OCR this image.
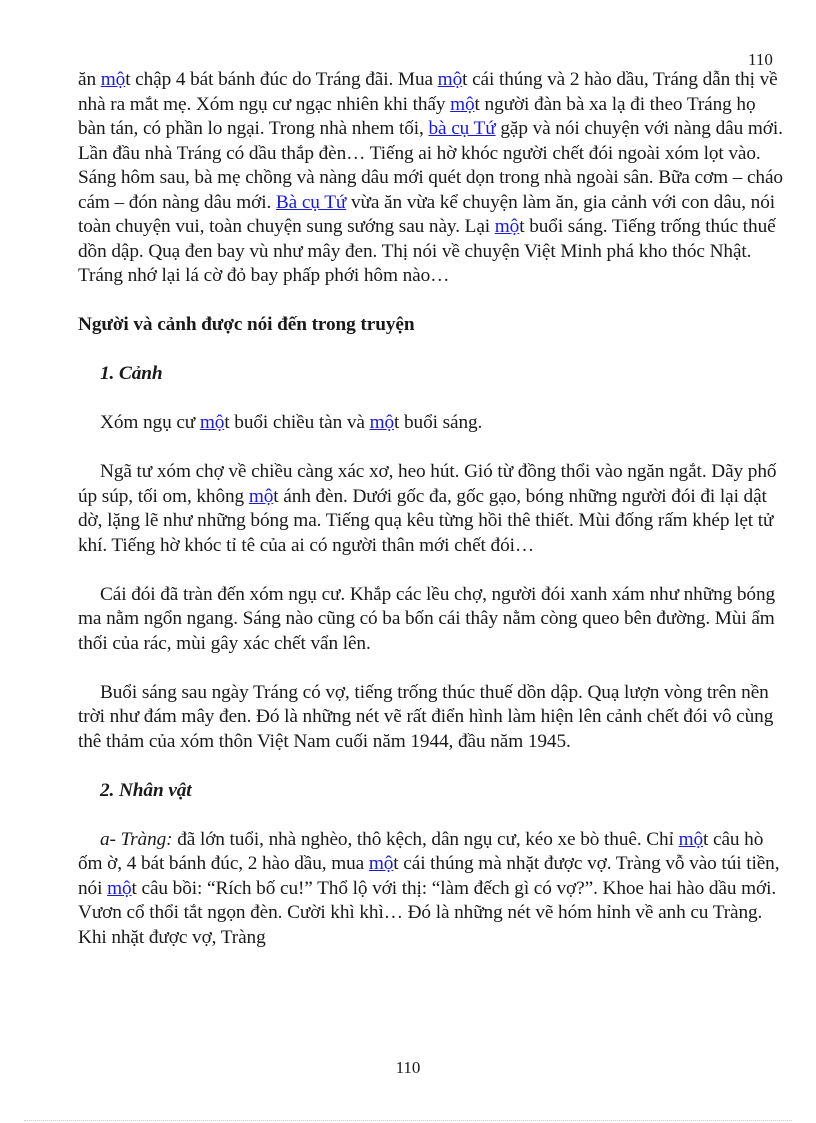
110

ăn một chập 4 bát bánh đúc do Tráng đãi. Mua một cái thúng và 2 hào dầu, Tráng dẫn thị về nhà ra mắt mẹ. Xóm ngụ cư ngạc nhiên khi thấy một người đàn bà xa lạ đi theo Tráng họ bàn tán, có phần lo ngại. Trong nhà nhem tối, bà cụ Tứ gặp và nói chuyện với nàng dâu mới. Lần đầu nhà Tráng có dầu thắp đèn… Tiếng ai hờ khóc người chết đói ngoài xóm lọt vào. Sáng hôm sau, bà mẹ chồng và nàng dâu mới quét dọn trong nhà ngoài sân. Bữa cơm – cháo cám – đón nàng dâu mới. Bà cụ Tứ vừa ăn vừa kể chuyện làm ăn, gia cảnh với con dâu, nói toàn chuyện vui, toàn chuyện sung sướng sau này. Lại một buổi sáng. Tiếng trống thúc thuế dồn dập. Quạ đen bay vù như mây đen. Thị nói về chuyện Việt Minh phá kho thóc Nhật. Tráng nhớ lại lá cờ đỏ bay phấp phới hôm nào…

Người và cảnh được nói đến trong truyện

1. Cảnh

Xóm ngụ cư một buổi chiều tàn và một buổi sáng.

Ngã tư xóm chợ về chiều càng xác xơ, heo hút. Gió từ đồng thổi vào ngăn ngắt. Dãy phố úp súp, tối om, không một ánh đèn. Dưới gốc đa, gốc gạo, bóng những người đói đi lại dật dờ, lặng lẽ như những bóng ma. Tiếng quạ kêu từng hồi thê thiết. Mùi đống rấm khép lẹt tử khí. Tiếng hờ khóc tỉ tê của ai có người thân mới chết đói…

Cái đói đã tràn đến xóm ngụ cư. Khắp các lều chợ, người đói xanh xám như những bóng ma nằm ngổn ngang. Sáng nào cũng có ba bốn cái thây nằm còng queo bên đường. Mùi ẩm thối của rác, mùi gây xác chết vẩn lên.

Buổi sáng sau ngày Tráng có vợ, tiếng trống thúc thuế dồn dập. Quạ lượn vòng trên nền trời như đám mây đen. Đó là những nét vẽ rất điển hình làm hiện lên cảnh chết đói vô cùng thê thảm của xóm thôn Việt Nam cuối năm 1944, đầu năm 1945.

2. Nhân vật

a- Tràng: đã lớn tuổi, nhà nghèo, thô kệch, dân ngụ cư, kéo xe bò thuê. Chỉ một câu hò ốm ờ, 4 bát bánh đúc, 2 hào dầu, mua một cái thúng mà nhặt được vợ. Tràng vỗ vào túi tiền, nói một câu bồi: “Rích bố cu!” Thổ lộ với thị: “làm đếch gì có vợ?”. Khoe hai hào dầu mới. Vươn cổ thổi tắt ngọn đèn. Cười khì khì… Đó là những nét vẽ hóm hỉnh về anh cu Tràng. Khi nhặt được vợ, Tràng

110
